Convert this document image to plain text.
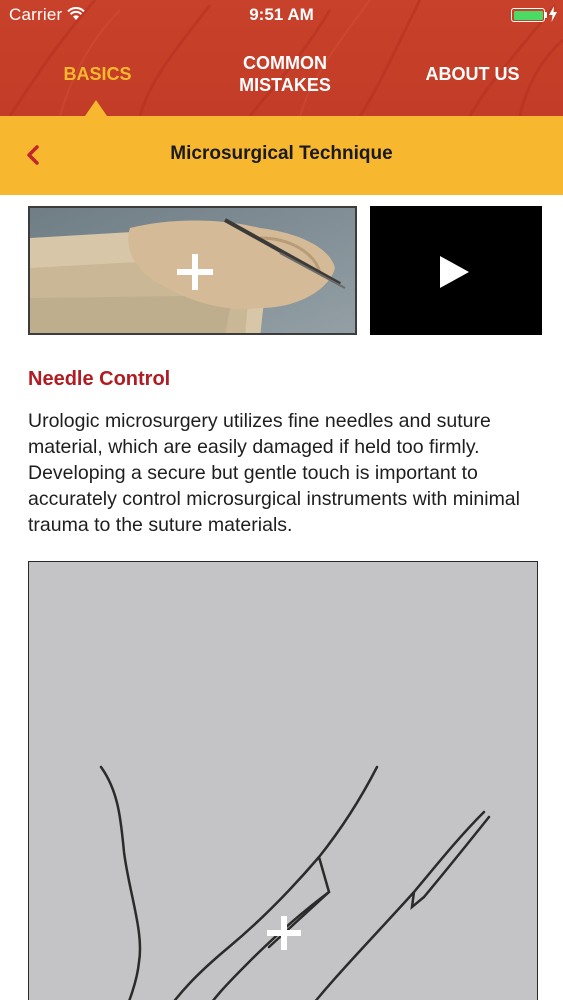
Carrier	9:51 AM
BASICS
COMMON
MISTAKES
ABOUT US
Microsurgical Technique
Needle Control
Urologic microsurgery utilizes fine needles and suture material, which are easily damaged if held too firmly. Developing a secure but gentle touch is important to accurately control microsurgical instruments with minimal trauma to the suture materials.
